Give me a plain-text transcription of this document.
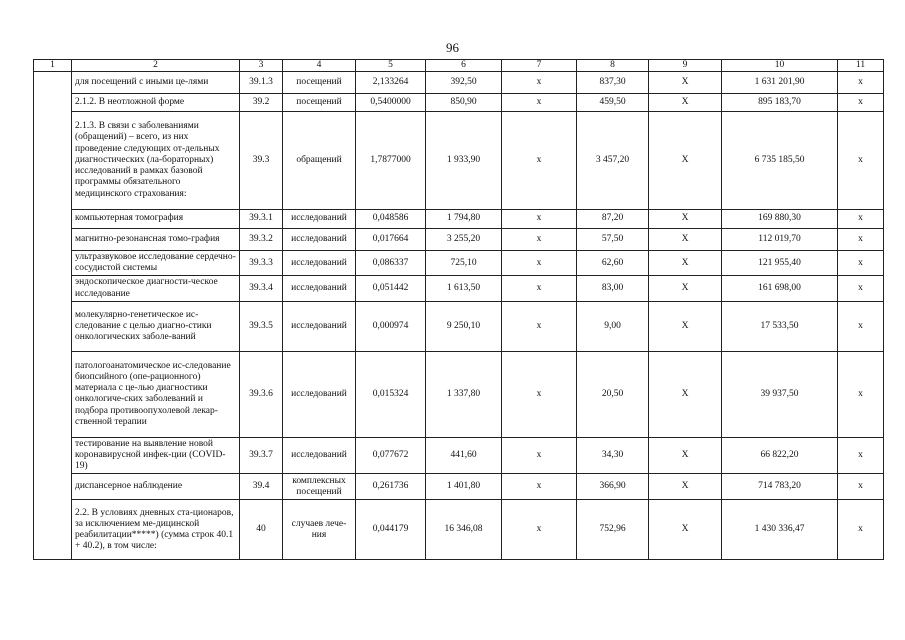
96
1	2	3	4	5	6	7	8	9	10	11
	для посещений с иными це-лями	39.1.3	посещений	2,133264	392,50	х	837,30	Х	1 631 201,90	х
	2.1.2. В неотложной форме	39.2	посещений	0,5400000	850,90	х	459,50	Х	895 183,70	х
	2.1.3. В связи с заболеваниями (обращений) – всего, из них проведение следующих от-дельных диагностических (ла-бораторных) исследований в рамках базовой программы обязательного медицинского страхования:	39.3	обращений	1,7877000	1 933,90	х	3 457,20	Х	6 735 185,50	х
	компьютерная томография	39.3.1	исследований	0,048586	1 794,80	х	87,20	Х	169 880,30	х
	магнитно-резонансная томо-графия	39.3.2	исследований	0,017664	3 255,20	х	57,50	Х	112 019,70	х
	ультразвуковое исследование сердечно-сосудистой системы	39.3.3	исследований	0,086337	725,10	х	62,60	Х	121 955,40	х
	эндоскопическое диагности-ческое исследование	39.3.4	исследований	0,051442	1 613,50	х	83,00	Х	161 698,00	х
	молекулярно-генетическое ис-следование с целью диагно-стики онкологических заболе-ваний	39.3.5	исследований	0,000974	9 250,10	х	9,00	Х	17 533,50	х
	патологоанатомическое ис-следование биопсийного (опе-рационного) материала с це-лью диагностики онкологиче-ских заболеваний и подбора противоопухолевой лекар-ственной терапии	39.3.6	исследований	0,015324	1 337,80	х	20,50	Х	39 937,50	х
	тестирование на выявление новой коронавирусной инфек-ции (COVID-19)	39.3.7	исследований	0,077672	441,60	х	34,30	Х	66 822,20	х
	диспансерное наблюдение	39.4	комплексных посещений	0,261736	1 401,80	х	366,90	Х	714 783,20	х
	2.2. В условиях дневных ста-ционаров, за исключением ме-дицинской реабилитации*****) (сумма строк 40.1 + 40.2), в том числе:	40	случаев лече-ния	0,044179	16 346,08	х	752,96	Х	1 430 336,47	х
